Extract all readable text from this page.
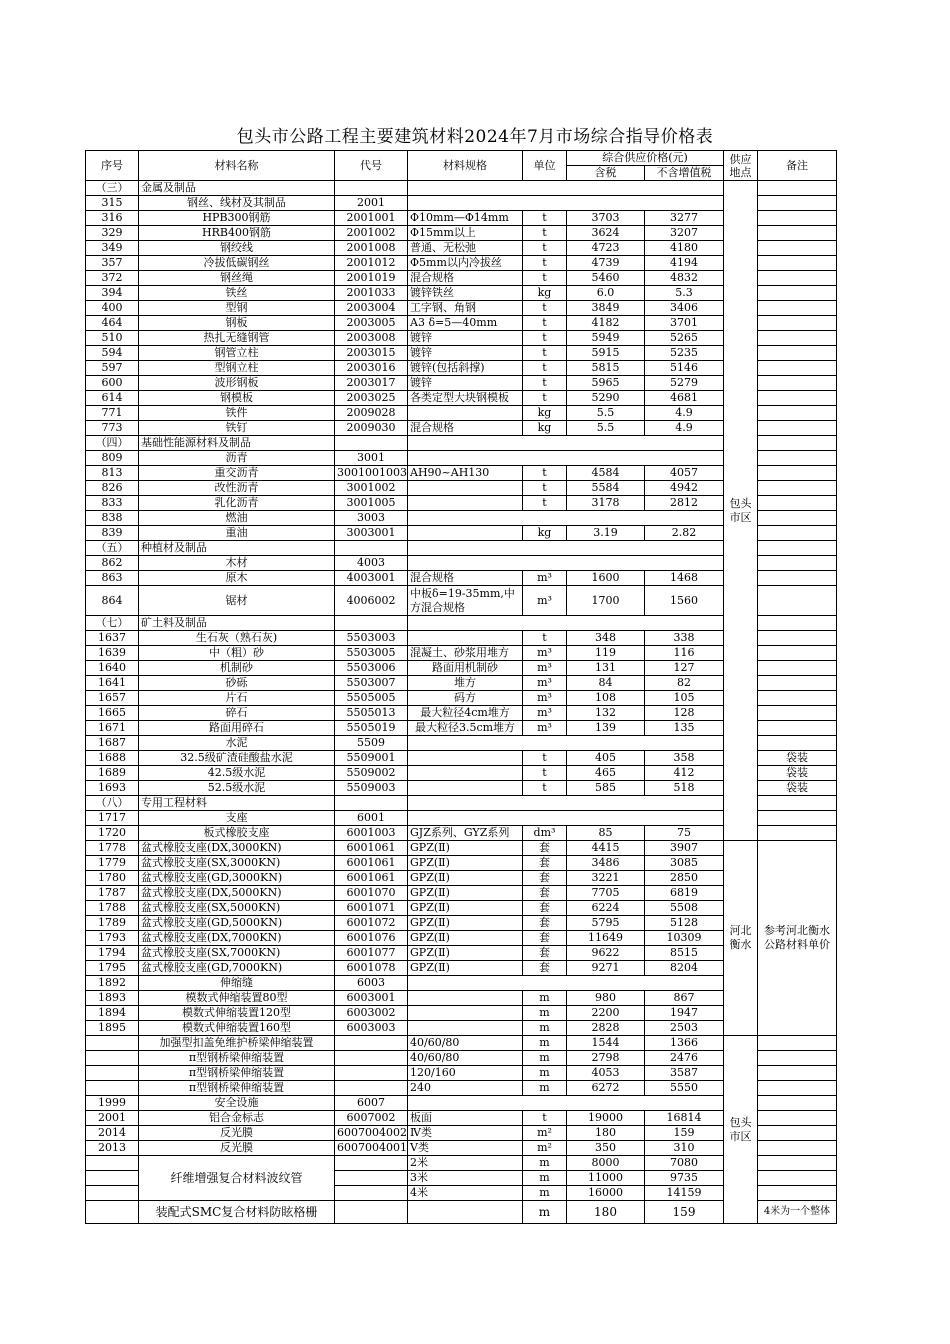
包头市公路工程主要建筑材料2024年7月市场综合指导价格表
序号	材料名称	代号	材料规格	单位	综合供应价格(元)		供应地点	备注
					含税	不含增值税		
（三）	金属及制品						包头市区	
315	钢丝、线材及其制品	2001						
316	HPB300钢筋	2001001	Φ10mm—Φ14mm	t	3703	3277		
329	HRB400钢筋	2001002	Φ15mm以上	t	3624	3207		
349	钢绞线	2001008	普通、无松弛	t	4723	4180		
357	冷拔低碳钢丝	2001012	Φ5mm以内冷拔丝	t	4739	4194		
372	钢丝绳	2001019	混合规格	t	5460	4832		
394	铁丝	2001033	镀锌铁丝	kg	6.0	5.3		
400	型钢	2003004	工字钢、角钢	t	3849	3406		
464	钢板	2003005	A3 δ=5—40mm	t	4182	3701		
510	热扎无缝钢管	2003008	镀锌	t	5949	5265		
594	钢管立柱	2003015	镀锌	t	5915	5235		
597	型钢立柱	2003016	镀锌(包括斜撑)	t	5815	5146		
600	波形钢板	2003017	镀锌	t	5965	5279		
614	钢模板	2003025	各类定型大块钢模板	t	5290	4681		
771	铁件	2009028		kg	5.5	4.9		
773	铁钉	2009030	混合规格	kg	5.5	4.9		
（四）	基础性能源材料及制品							
809	沥青	3001						
813	重交沥青	3001001003	AH90~AH130	t	4584	4057		
826	改性沥青	3001002		t	5584	4942		
833	乳化沥青	3001005		t	3178	2812		
838	燃油	3003						
839	重油	3003001		kg	3.19	2.82		
（五）	种植材及制品							
862	木材	4003						
863	原木	4003001	混合规格	m³	1600	1468		
864	锯材	4006002	中板δ=19-35mm,中方混合规格	m³	1700	1560		
（七）	矿土料及制品							
1637	生石灰（熟石灰)	5503003		t	348	338		
1639	中（粗）砂	5503005	混凝土、砂浆用堆方	m³	119	116		
1640	机制砂	5503006	路面用机制砂	m³	131	127		
1641	砂砾	5503007	堆方	m³	84	82		
1657	片石	5505005	码方	m³	108	105		
1665	碎石	5505013	最大粒径4cm堆方	m³	132	128		
1671	路面用碎石	5505019	最大粒径3.5cm堆方	m³	139	135		
1687	水泥	5509						
1688	32.5级矿渣硅酸盐水泥	5509001		t	405	358		袋装
1689	42.5级水泥	5509002		t	465	412		袋装
1693	52.5级水泥	5509003		t	585	518		袋装
（八）	专用工程材料							
1717	支座	6001						
1720	板式橡胶支座	6001003	GJZ系列、GYZ系列	dm³	85	75		
1778	盆式橡胶支座(DX,3000KN)	6001061	GPZ(Ⅱ)	套	4415	3907	河北衡水	参考河北衡水公路材料单价
1779	盆式橡胶支座(SX,3000KN)	6001061	GPZ(Ⅱ)	套	3486	3085		
1780	盆式橡胶支座(GD,3000KN)	6001061	GPZ(Ⅱ)	套	3221	2850		
1787	盆式橡胶支座(DX,5000KN)	6001070	GPZ(Ⅱ)	套	7705	6819		
1788	盆式橡胶支座(SX,5000KN)	6001071	GPZ(Ⅱ)	套	6224	5508		
1789	盆式橡胶支座(GD,5000KN)	6001072	GPZ(Ⅱ)	套	5795	5128		
1793	盆式橡胶支座(DX,7000KN)	6001076	GPZ(Ⅱ)	套	11649	10309		
1794	盆式橡胶支座(SX,7000KN)	6001077	GPZ(Ⅱ)	套	9622	8515		
1795	盆式橡胶支座(GD,7000KN)	6001078	GPZ(Ⅱ)	套	9271	8204		
1892	伸缩缝	6003						
1893	模数式伸缩装置80型	6003001		m	980	867		
1894	模数式伸缩装置120型	6003002		m	2200	1947		
1895	模数式伸缩装置160型	6003003		m	2828	2503		
	加强型扣盖免维护桥梁伸缩装置		40/60/80	m	1544	1366	包头市区	
	π型钢桥梁伸缩装置		40/60/80	m	2798	2476		
	π型钢桥梁伸缩装置		120/160	m	4053	3587		
	π型钢桥梁伸缩装置		240	m	6272	5550		
1999	安全设施	6007						
2001	铝合金标志	6007002	板面	t	19000	16814		
2014	反光膜	6007004002	Ⅳ类	m²	180	159		
2013	反光膜	6007004001	Ⅴ类	m²	350	310		
	纤维增强复合材料波纹管		2米	m	8000	7080		
			3米	m	11000	9735		
			4米	m	16000	14159		
	装配式SMC复合材料防眩格栅			m	180	159		4米为一个整体
